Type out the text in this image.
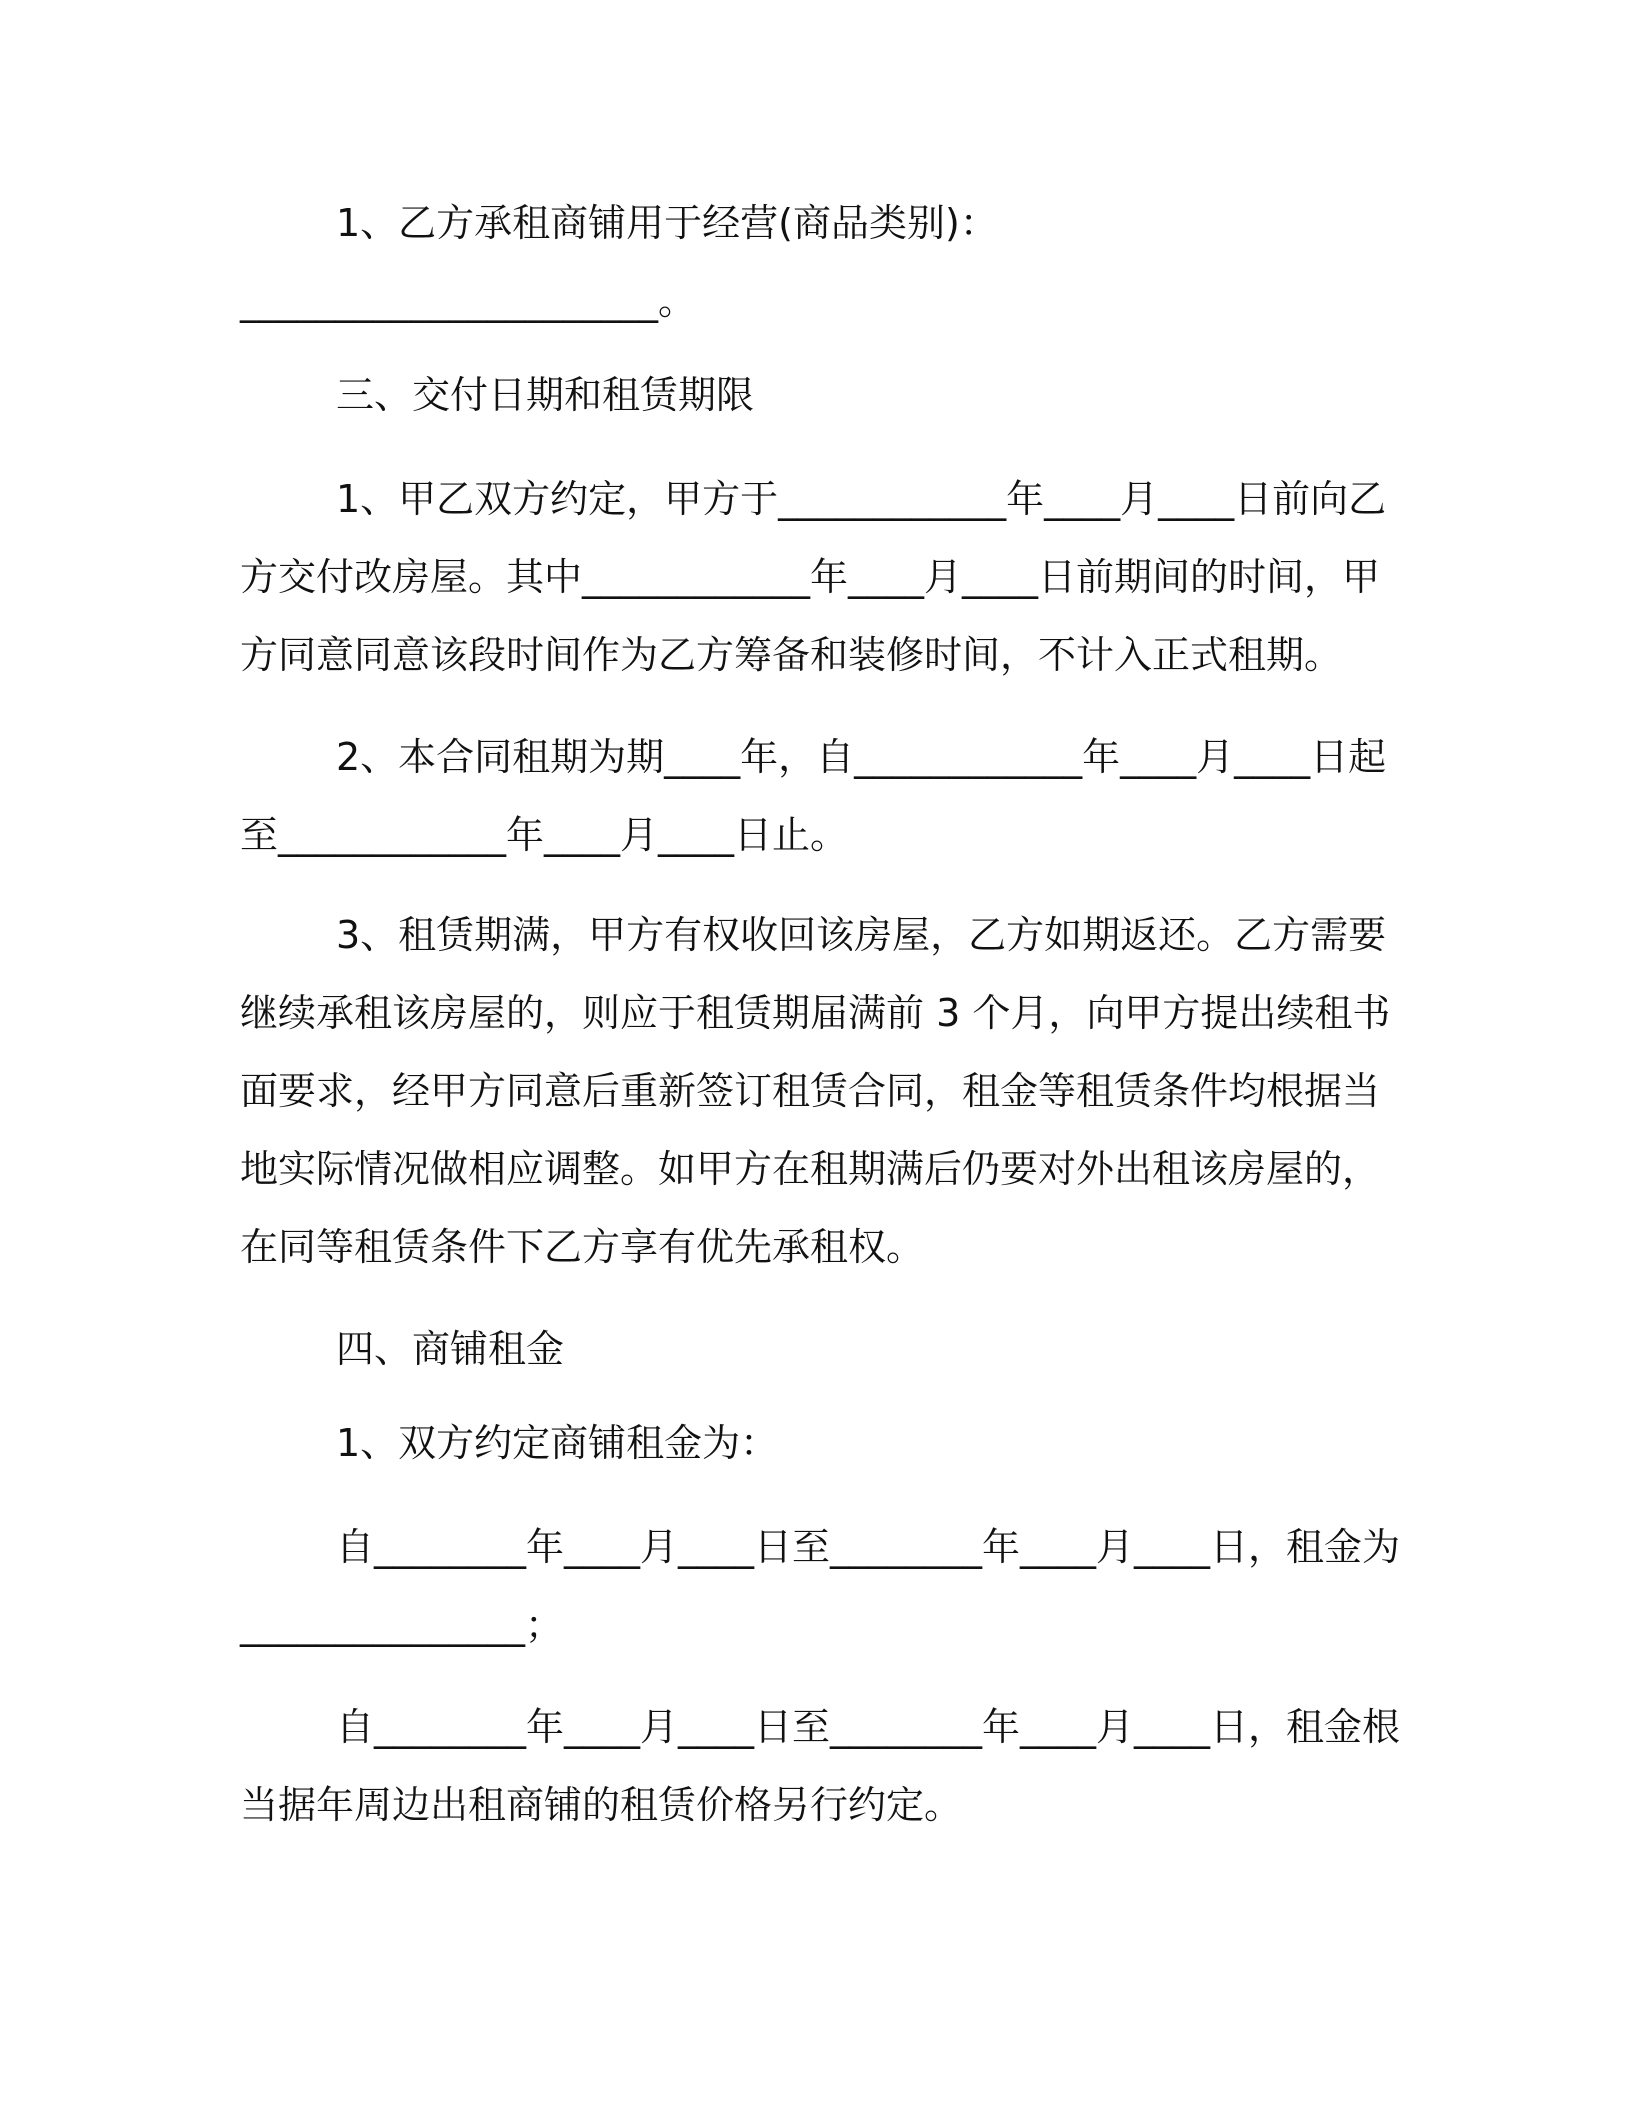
1、乙方承租商铺用于经营(商品类别)：

______________________。

三、交付日期和租赁期限

1、甲乙双方约定，甲方于____________年____月____日前向乙方交付改房屋。其中____________年____月____日前期间的时间，甲方同意同意该段时间作为乙方筹备和装修时间，不计入正式租期。

2、本合同租期为期____年，自____________年____月____日起至____________年____月____日止。

3、租赁期满，甲方有权收回该房屋，乙方如期返还。乙方需要继续承租该房屋的，则应于租赁期届满前 3 个月，向甲方提出续租书面要求，经甲方同意后重新签订租赁合同，租金等租赁条件均根据当地实际情况做相应调整。如甲方在租期满后仍要对外出租该房屋的，在同等租赁条件下乙方享有优先承租权。

四、商铺租金

1、双方约定商铺租金为：

自________年____月____日至________年____月____日，租金为_______________；

自________年____月____日至________年____月____日，租金根当据年周边出租商铺的租赁价格另行约定。
